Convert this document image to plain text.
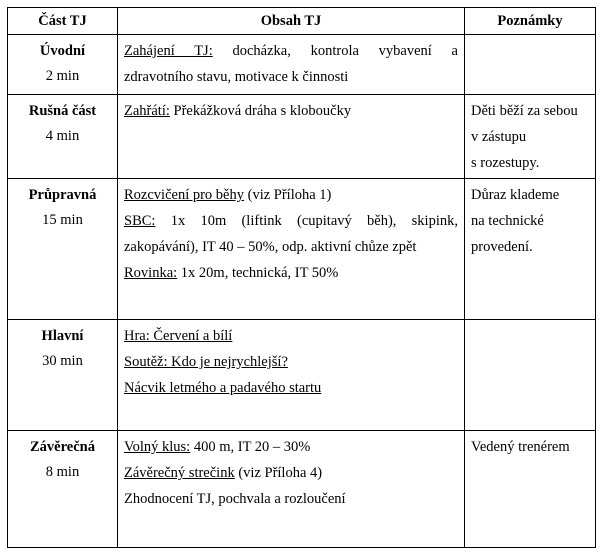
Část TJ	Obsah TJ	Poznámky

Úvodní
2 min	Zahájení TJ: docházka, kontrola vybavení a
zdravotního stavu, motivace k činnosti	

Rušná část
4 min	Zahřátí: Překážková dráha s kloboučky	Děti běží za sebou
v zástupu
s rozestupy.

Průpravná
15 min	Rozcvičení pro běhy (viz Příloha 1)
SBC: 1x 10m (liftink (cupitavý běh), skipink,
zakopávání), IT 40 – 50%, odp. aktivní chůze zpět
Rovinka: 1x 20m, technická, IT 50%	Důraz klademe
na technické
provedení.

Hlavní
30 min	Hra: Červení a bílí
Soutěž: Kdo je nejrychlejší?
Nácvik letmého a padavého startu	

Závěrečná
8 min	Volný klus: 400 m, IT 20 – 30%
Závěrečný strečink (viz Příloha 4)
Zhodnocení TJ, pochvala a rozloučení	Vedený trenérem
